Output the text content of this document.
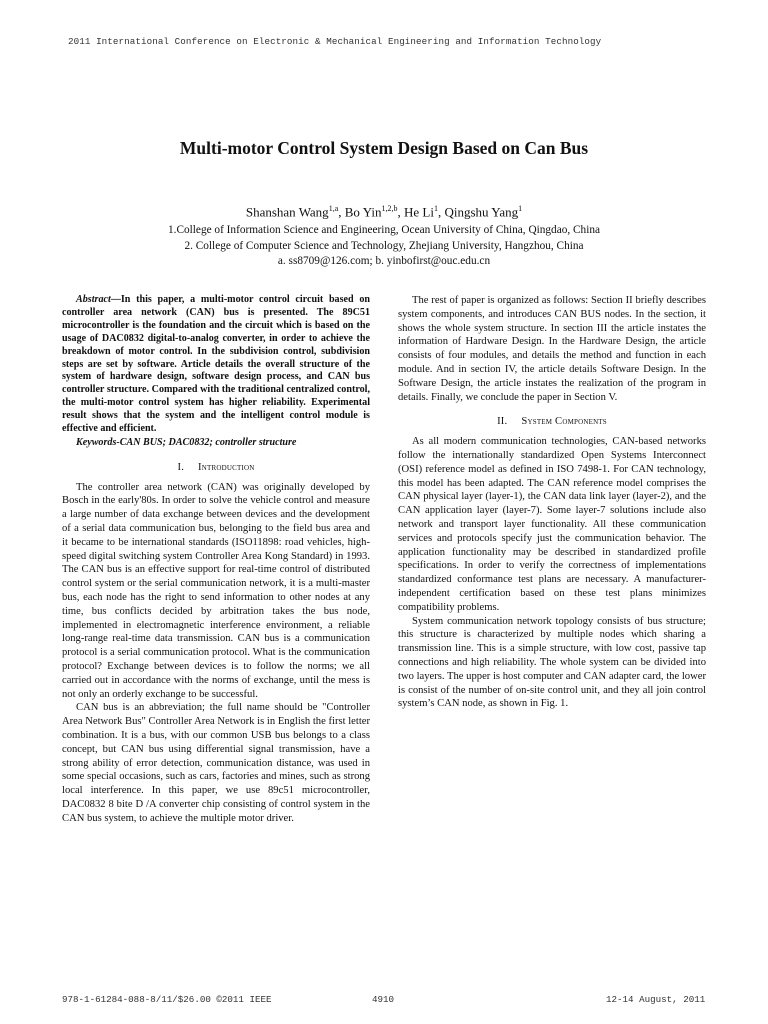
2011 International Conference on Electronic & Mechanical Engineering and Information Technology
Multi-motor Control System Design Based on Can Bus
Shanshan Wang$^{1,a}$, Bo Yin$^{1,2,b}$, He Li$^1$, Qingshu Yang$^1$
1.College of Information Science and Engineering, Ocean University of China, Qingdao, China
2. College of Computer Science and Technology, Zhejiang University, Hangzhou, China
a. ss8709@126.com; b. yinbofirst@ouc.edu.cn

Abstract—In this paper, a multi-motor control circuit based on controller area network (CAN) bus is presented. The 89C51 microcontroller is the foundation and the circuit which is based on the usage of DAC0832 digital-to-analog converter, in order to achieve the breakdown of motor control. In the subdivision control, subdivision steps are set by software. Article details the overall structure of the system of hardware design, software design process, and CAN bus controller structure. Compared with the traditional centralized control, the multi-motor control system has higher reliability. Experimental result shows that the system and the intelligent control module is effective and efficient.

Keywords-CAN BUS; DAC0832; controller structure

I. Introduction

The controller area network (CAN) was originally developed by Bosch in the early'80s. In order to solve the vehicle control and measure a large number of data exchange between devices and the development of a serial data communication bus, belonging to the field bus area and it became to be international standards (ISO11898: road vehicles, high-speed digital switching system Controller Area Kong Standard) in 1993. The CAN bus is an effective support for real-time control of distributed control system or the serial communication network, it is a multi-master bus, each node has the right to send information to other nodes at any time, bus conflicts decided by arbitration takes the bus node, implemented in electromagnetic interference environment, a reliable long-range real-time data transmission. CAN bus is a communication protocol is a serial communication protocol. What is the communication protocol? Exchange between devices is to follow the norms; we all carried out in accordance with the norms of exchange, until the mess is not only an orderly exchange to be successful.

CAN bus is an abbreviation; the full name should be "Controller Area Network Bus" Controller Area Network is in English the first letter combination. It is a bus, with our common USB bus belongs to a class concept, but CAN bus using differential signal transmission, have a strong ability of error detection, communication distance, was used in some special occasions, such as cars, factories and mines, such as strong local interference. In this paper, we use 89c51 microcontroller, DAC0832 8 bite D /A converter chip consisting of control system in the CAN bus system, to achieve the multiple motor driver.

The rest of paper is organized as follows: Section II briefly describes system components, and introduces CAN BUS nodes. In the section, it shows the whole system structure. In section III the article instates the information of Hardware Design. In the Hardware Design, the article consists of four modules, and details the method and function in each module. And in section IV, the article details Software Design. In the Software Design, the article instates the realization of the program in details. Finally, we conclude the paper in Section V.

II. System Components

As all modern communication technologies, CAN-based networks follow the internationally standardized Open Systems Interconnect (OSI) reference model as defined in ISO 7498-1. For CAN technology, this model has been adapted. The CAN reference model comprises the CAN physical layer (layer-1), the CAN data link layer (layer-2), and the CAN application layer (layer-7). Some layer-7 solutions include also network and transport layer functionality. All these communication services and protocols specify just the communication behavior. The application functionality may be described in standardized profile specifications. In order to verify the correctness of implementations standardized conformance test plans are necessary. A manufacturer-independent certification based on these test plans minimizes compatibility problems.

System communication network topology consists of bus structure; this structure is characterized by multiple nodes which sharing a transmission line. This is a simple structure, with low cost, passive tap connections and high reliability. The whole system can be divided into two layers. The upper is host computer and CAN adapter card, the lower is consist of the number of on-site control unit, and they all join control system’s CAN node, as shown in Fig. 1.

978-1-61284-088-8/11/$26.00 ©2011 IEEE	4910	12-14 August, 2011
